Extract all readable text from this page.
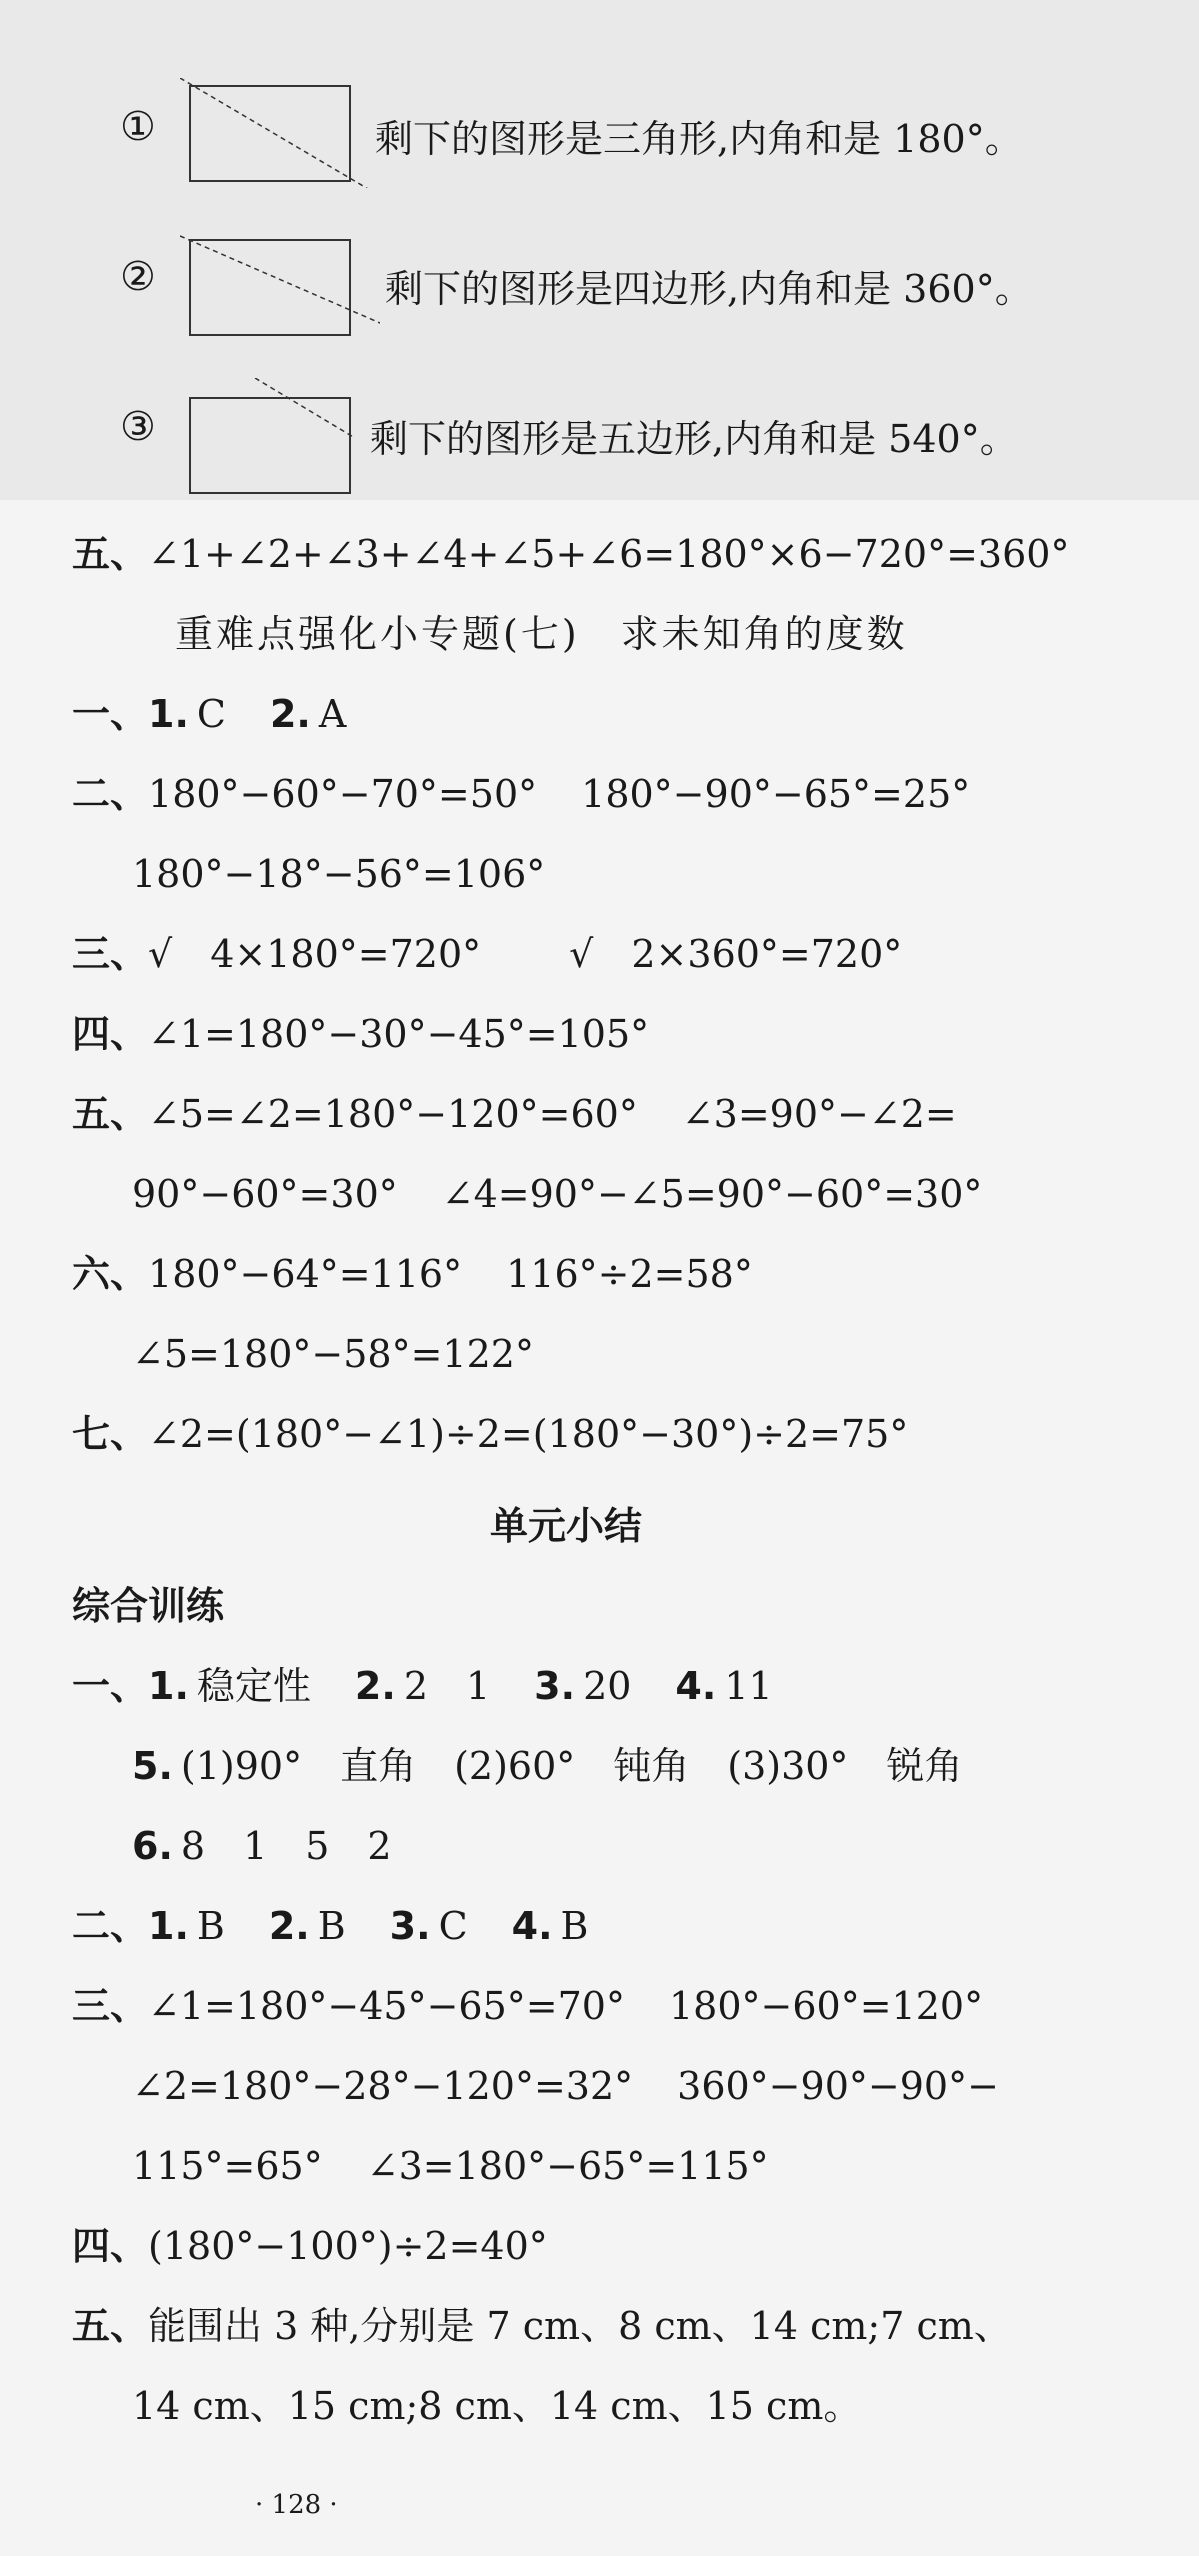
①	剩下的图形是三角形,内角和是 180°。
②	剩下的图形是四边形,内角和是 360°。
③	剩下的图形是五边形,内角和是 540°。
五、∠1+∠2+∠3+∠4+∠5+∠6=180°×6−720°=360°
重难点强化小专题(七)　求未知角的度数
一、1. C 2. A
二、180°−60°−70°=50° 180°−90°−65°=25°
180°−18°−56°=106°
三、√　4×180°=720° √　2×360°=720°
四、∠1=180°−30°−45°=105°
五、∠5=∠2=180°−120°=60° ∠3=90°−∠2=
90°−60°=30° ∠4=90°−∠5=90°−60°=30°
六、180°−64°=116° 116°÷2=58°
∠5=180°−58°=122°
七、∠2=(180°−∠1)÷2=(180°−30°)÷2=75°
单元小结
综合训练
一、1. 稳定性 2. 2　1 3. 20 4. 11
5. (1)90°　直角　(2)60°　钝角　(3)30°　锐角
6. 8　1　5　2
二、1. B 2. B 3. C 4. B
三、∠1=180°−45°−65°=70° 180°−60°=120°
∠2=180°−28°−120°=32° 360°−90°−90°−
115°=65° ∠3=180°−65°=115°
四、(180°−100°)÷2=40°
五、能围出 3 种,分别是 7 cm、8 cm、14 cm;7 cm、
14 cm、15 cm;8 cm、14 cm、15 cm。
· 128 ·
